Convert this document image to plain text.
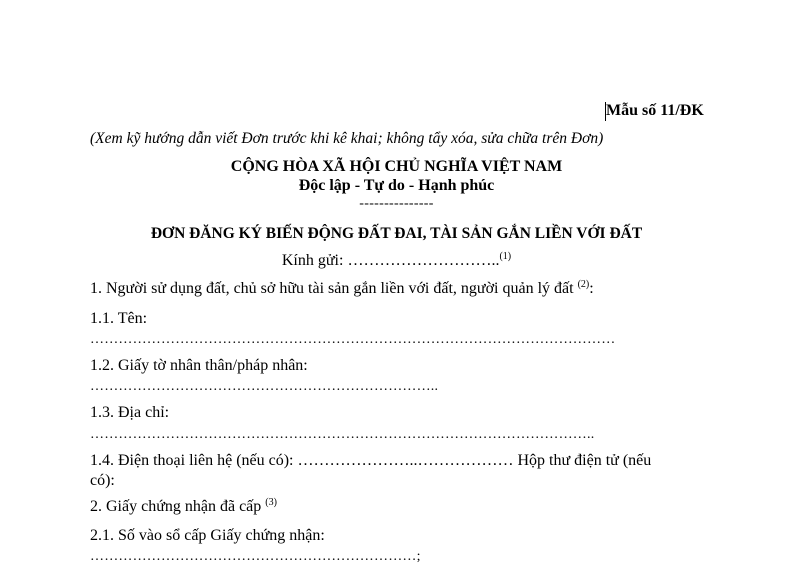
Mẫu số 11/ĐK
(Xem kỹ hướng dẫn viết Đơn trước khi kê khai; không tẩy xóa, sửa chữa trên Đơn)
CỘNG HÒA XÃ HỘI CHỦ NGHĨA VIỆT NAM
Độc lập - Tự do - Hạnh phúc
---------------
ĐƠN ĐĂNG KÝ BIẾN ĐỘNG ĐẤT ĐAI, TÀI SẢN GẮN LIỀN VỚI ĐẤT
Kính gửi: ………………………..$^{(1)}$
1. Người sử dụng đất, chủ sở hữu tài sản gắn liền với đất, người quản lý đất $^{(2)}$:
1.1. Tên:
…………………………………………………………………………………………………
1.2. Giấy tờ nhân thân/pháp nhân:
………………………………………………………………..
1.3. Địa chỉ:
……………………………………………………………………………………………..
1.4. Điện thoại liên hệ (nếu có): …………………..……………… Hộp thư điện tử (nếu
có):
2. Giấy chứng nhận đã cấp $^{(3)}$
2.1. Số vào sổ cấp Giấy chứng nhận:
……………………………………………………………;
